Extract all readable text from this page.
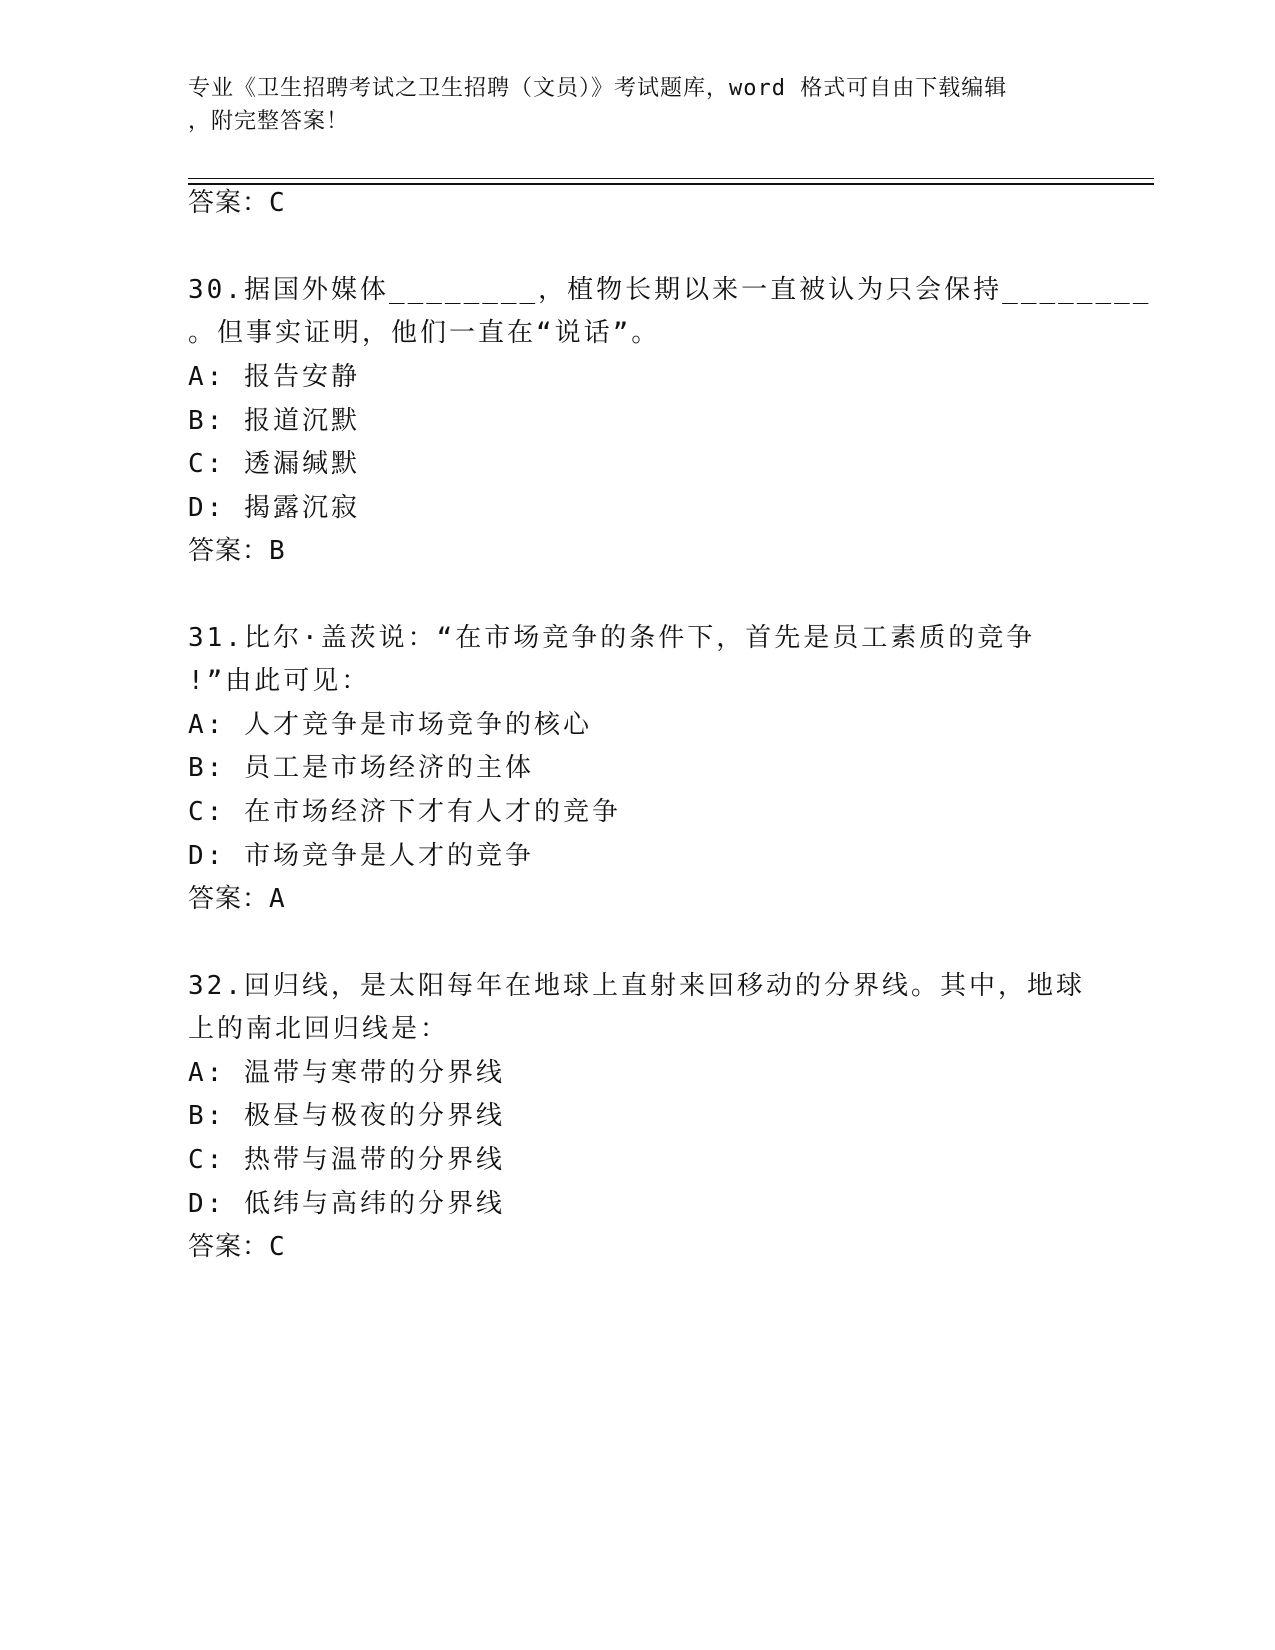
专业《卫生招聘考试之卫生招聘（文员）》考试题库，word 格式可自由下载编辑
，附完整答案！
答案：C
30.据国外媒体________，植物长期以来一直被认为只会保持________
。但事实证明，他们一直在“说话”。
A: 报告安静
B: 报道沉默
C: 透漏缄默
D: 揭露沉寂
答案：B
31.比尔·盖茨说：“在市场竞争的条件下，首先是员工素质的竞争
!”由此可见：
A: 人才竞争是市场竞争的核心
B: 员工是市场经济的主体
C: 在市场经济下才有人才的竞争
D: 市场竞争是人才的竞争
答案：A
32.回归线，是太阳每年在地球上直射来回移动的分界线。其中，地球
上的南北回归线是：
A: 温带与寒带的分界线
B: 极昼与极夜的分界线
C: 热带与温带的分界线
D: 低纬与高纬的分界线
答案：C
